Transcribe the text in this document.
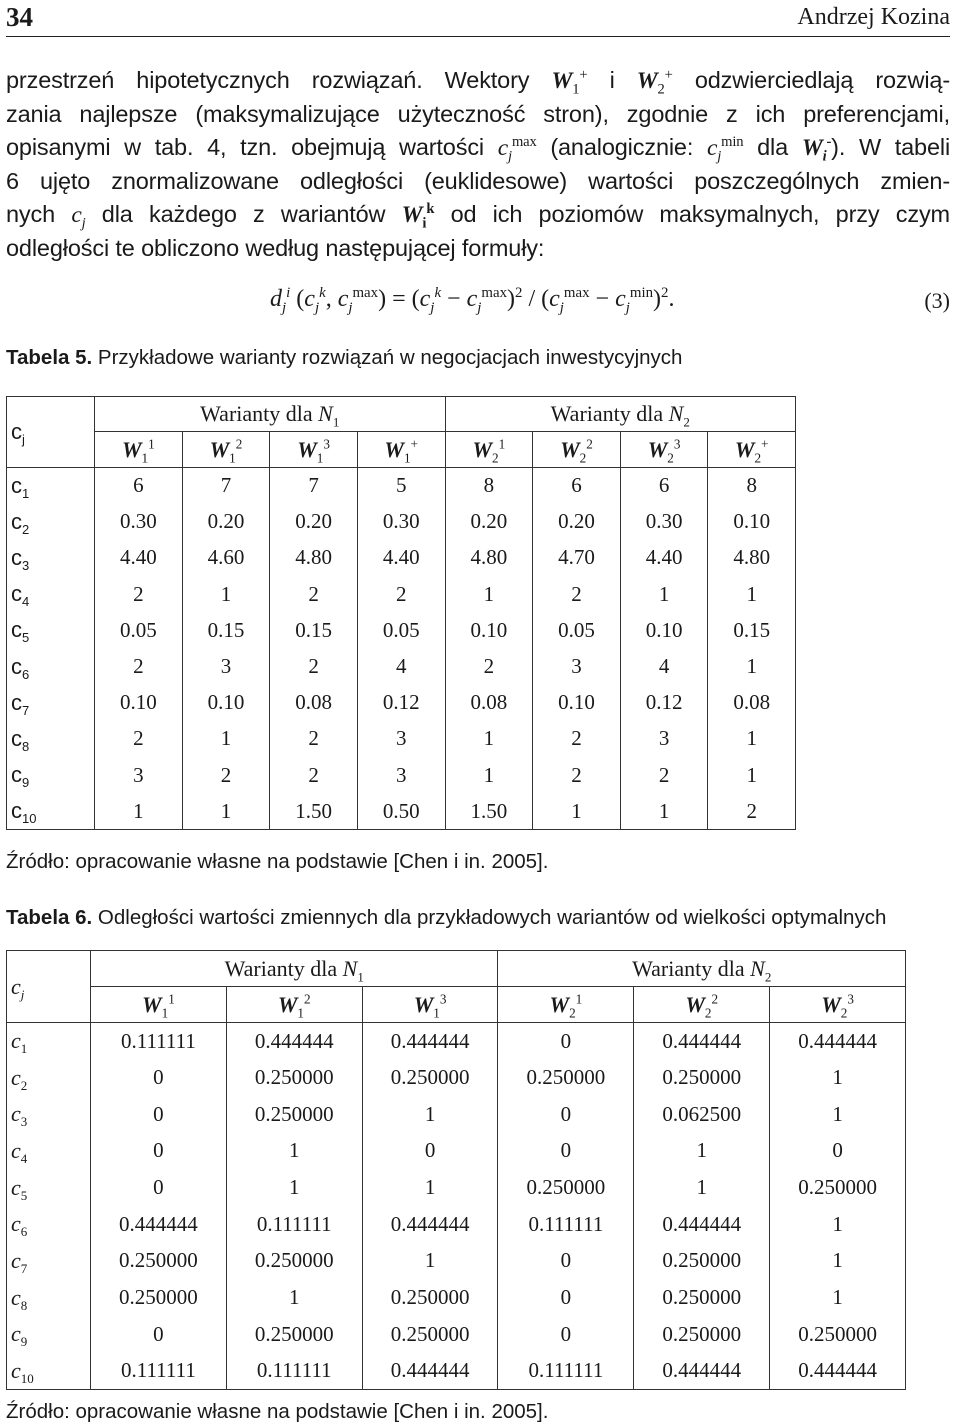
34	Andrzej Kozina
przestrzeń hipotetycznych rozwiązań. Wektory $W_1^+$ i $W_2^+$ odzwierciedlają rozwią-
zania najlepsze (maksymalizujące użyteczność stron), zgodnie z ich preferencjami,
opisanymi w tab. 4, tzn. obejmują wartości $c_j^{max}$ (analogicznie: $c_j^{min}$ dla $W_i^-$). W tabeli
6 ujęto znormalizowane odległości (euklidesowe) wartości poszczególnych zmien-
nych $c_j$ dla każdego z wariantów $W_i^k$ od ich poziomów maksymalnych, przy czym
odległości te obliczono według następującej formuły:
$d_j^i$ ($c_j^k$, $c_j^{max}) = (c_j^k - c_j^{max})^2 / (c_j^{max} - c_j^{min})^2$.	(3)
Tabela 5. Przykładowe warianty rozwiązań w negocjacjach inwestycyjnych
$c_j$	Warianty dla $N_1$				Warianty dla $N_2$
	$W_1^1$	$W_1^2$	$W_1^3$	$W_1^+$	$W_2^1$	$W_2^2$	$W_2^3$	$W_2^+$
$c_1$	6	7	7	5	8	6	6	8
$c_2$	0.30	0.20	0.20	0.30	0.20	0.20	0.30	0.10
$c_3$	4.40	4.60	4.80	4.40	4.80	4.70	4.40	4.80
$c_4$	2	1	2	2	1	2	1	1
$c_5$	0.05	0.15	0.15	0.05	0.10	0.05	0.10	0.15
$c_6$	2	3	2	4	2	3	4	1
$c_7$	0.10	0.10	0.08	0.12	0.08	0.10	0.12	0.08
$c_8$	2	1	2	3	1	2	3	1
$c_9$	3	2	2	3	1	2	2	1
$c_{10}$	1	1	1.50	0.50	1.50	1	1	2
Źródło: opracowanie własne na podstawie [Chen i in. 2005].
Tabela 6. Odległości wartości zmiennych dla przykładowych wariantów od wielkości optymalnych
$c_j$	Warianty dla $N_1$			Warianty dla $N_2$
	$W_1^1$	$W_1^2$	$W_1^3$	$W_2^1$	$W_2^2$	$W_2^3$
$c_1$	0.111111	0.444444	0.444444	0	0.444444	0.444444
$c_2$	0	0.250000	0.250000	0.250000	0.250000	1
$c_3$	0	0.250000	1	0	0.062500	1
$c_4$	0	1	0	0	1	0
$c_5$	0	1	1	0.250000	1	0.250000
$c_6$	0.444444	0.111111	0.444444	0.111111	0.444444	1
$c_7$	0.250000	0.250000	1	0	0.250000	1
$c_8$	0.250000	1	0.250000	0	0.250000	1
$c_9$	0	0.250000	0.250000	0	0.250000	0.250000
$c_{10}$	0.111111	0.111111	0.444444	0.111111	0.444444	0.444444
Źródło: opracowanie własne na podstawie [Chen i in. 2005].
